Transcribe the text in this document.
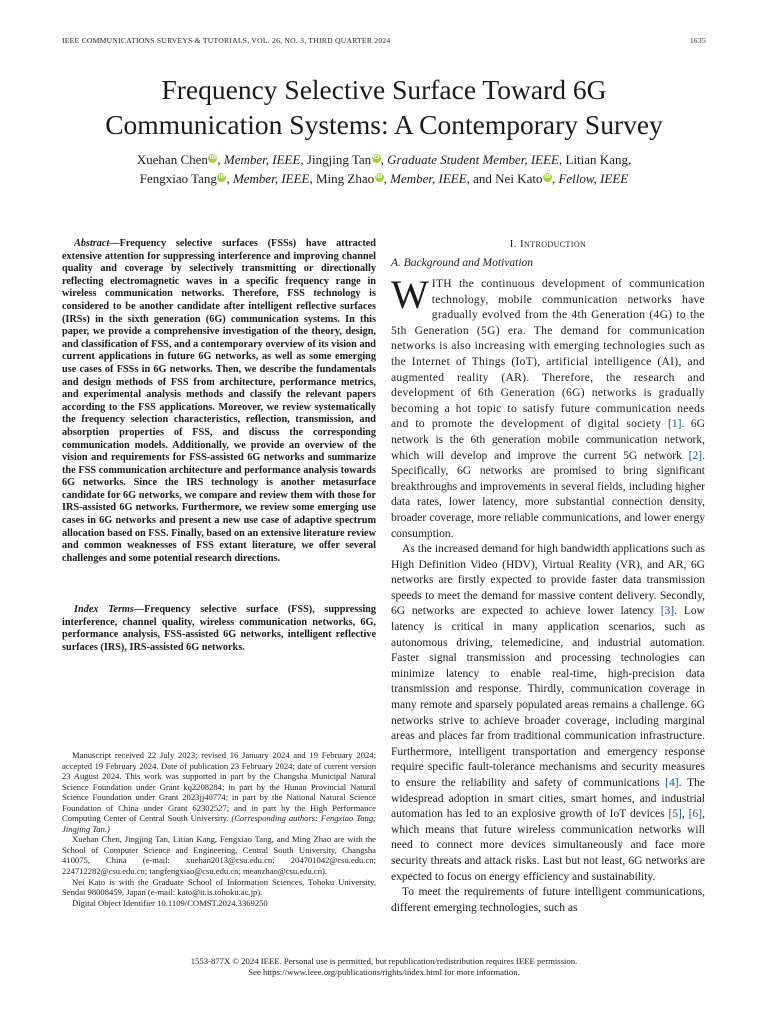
IEEE COMMUNICATIONS SURVEYS & TUTORIALS, VOL. 26, NO. 3, THIRD QUARTER 2024	1635
Frequency Selective Surface Toward 6G
Communication Systems: A Contemporary Survey
Xuehan Chen iD, Member, IEEE, Jingjing Tan iD, Graduate Student Member, IEEE, Litian Kang,
Fengxiao Tang iD, Member, IEEE, Ming Zhao iD, Member, IEEE, and Nei Kato iD, Fellow, IEEE

Abstract—Frequency selective surfaces (FSSs) have attracted extensive attention for suppressing interference and improving channel quality and coverage by selectively transmitting or directionally reflecting electromagnetic waves in a specific frequency range in wireless communication networks. Therefore, FSS technology is considered to be another candidate after intelligent reflective surfaces (IRSs) in the sixth generation (6G) communication systems. In this paper, we provide a comprehensive investigation of the theory, design, and classification of FSS, and a contemporary overview of its vision and current applications in future 6G networks, as well as some emerging use cases of FSSs in 6G networks. Then, we describe the fundamentals and design methods of FSS from architecture, performance metrics, and experimental analysis methods and classify the relevant papers according to the FSS applications. Moreover, we review systematically the frequency selection characteristics, reflection, transmission, and absorption properties of FSS, and discuss the corresponding communication models. Additionally, we provide an overview of the vision and requirements for FSS-assisted 6G networks and summarize the FSS communication architecture and performance analysis towards 6G networks. Since the IRS technology is another metasurface candidate for 6G networks, we compare and review them with those for IRS-assisted 6G networks. Furthermore, we review some emerging use cases in 6G networks and present a new use case of adaptive spectrum allocation based on FSS. Finally, based on an extensive literature review and common weaknesses of FSS extant literature, we offer several challenges and some potential research directions.

Index Terms—Frequency selective surface (FSS), suppressing interference, channel quality, wireless communication networks, 6G, performance analysis, FSS-assisted 6G networks, intelligent reflective surfaces (IRS), IRS-assisted 6G networks.

Manuscript received 22 July 2023; revised 16 January 2024 and 19 February 2024; accepted 19 February 2024. Date of publication 23 February 2024; date of current version 23 August 2024. This work was supported in part by the Changsha Municipal Natural Science Foundation under Grant kq2208284; in part by the Hunan Provincial Natural Science Foundation under Grant 2023jj40774; in part by the National Natural Science Foundation of China under Grant 62302527; and in part by the High Performance Computing Center of Central South University. (Corresponding authors: Fengxiao Tang; Jingjing Tan.)

Xuehan Chen, Jingjing Tan, Litian Kang, Fengxiao Tang, and Ming Zhao are with the School of Computer Science and Engineering, Central South University, Changsha 410075, China (e-mail: xuehan2013@csu.edu.cn; 204701042@csu.edu.cn; 224712282@csu.edu.cn; tangfengxiao@csu.edu.cn; meanzhao@csu.edu.cn).

Nei Kato is with the Graduate School of Information Sciences, Tohoku University, Sendai 98008459, Japan (e-mail: kato@it.is.tohoku.ac.jp).

Digital Object Identifier 10.1109/COMST.2024.3369250

I. Introduction
A. Background and Motivation

WITH the continuous development of communication technology, mobile communication networks have gradually evolved from the 4th Generation (4G) to the 5th Generation (5G) era. The demand for communication networks is also increasing with emerging technologies such as the Internet of Things (IoT), artificial intelligence (AI), and augmented reality (AR). Therefore, the research and development of 6th Generation (6G) networks is gradually becoming a hot topic to satisfy future communication needs and to promote the development of digital society [1]. 6G network is the 6th generation mobile communication network, which will develop and improve the current 5G network [2]. Specifically, 6G networks are promised to bring significant breakthroughs and improvements in several fields, including higher data rates, lower latency, more substantial connection density, broader coverage, more reliable communications, and lower energy consumption.

As the increased demand for high bandwidth applications such as High Definition Video (HDV), Virtual Reality (VR), and AR, 6G networks are firstly expected to provide faster data transmission speeds to meet the demand for massive content delivery. Secondly, 6G networks are expected to achieve lower latency [3]. Low latency is critical in many application scenarios, such as autonomous driving, telemedicine, and industrial automation. Faster signal transmission and processing technologies can minimize latency to enable real-time, high-precision data transmission and response. Thirdly, communication coverage in many remote and sparsely populated areas remains a challenge. 6G networks strive to achieve broader coverage, including marginal areas and places far from traditional communication infrastructure. Furthermore, intelligent transportation and emergency response require specific fault-tolerance mechanisms and security measures to ensure the reliability and safety of communications [4]. The widespread adoption in smart cities, smart homes, and industrial automation has led to an explosive growth of IoT devices [5], [6], which means that future wireless communication networks will need to connect more devices simultaneously and face more security threats and attack risks. Last but not least, 6G networks are expected to focus on energy efficiency and sustainability.

To meet the requirements of future intelligent communications, different emerging technologies, such as

1553-877X © 2024 IEEE. Personal use is permitted, but republication/redistribution requires IEEE permission.
See https://www.ieee.org/publications/rights/index.html for more information.
